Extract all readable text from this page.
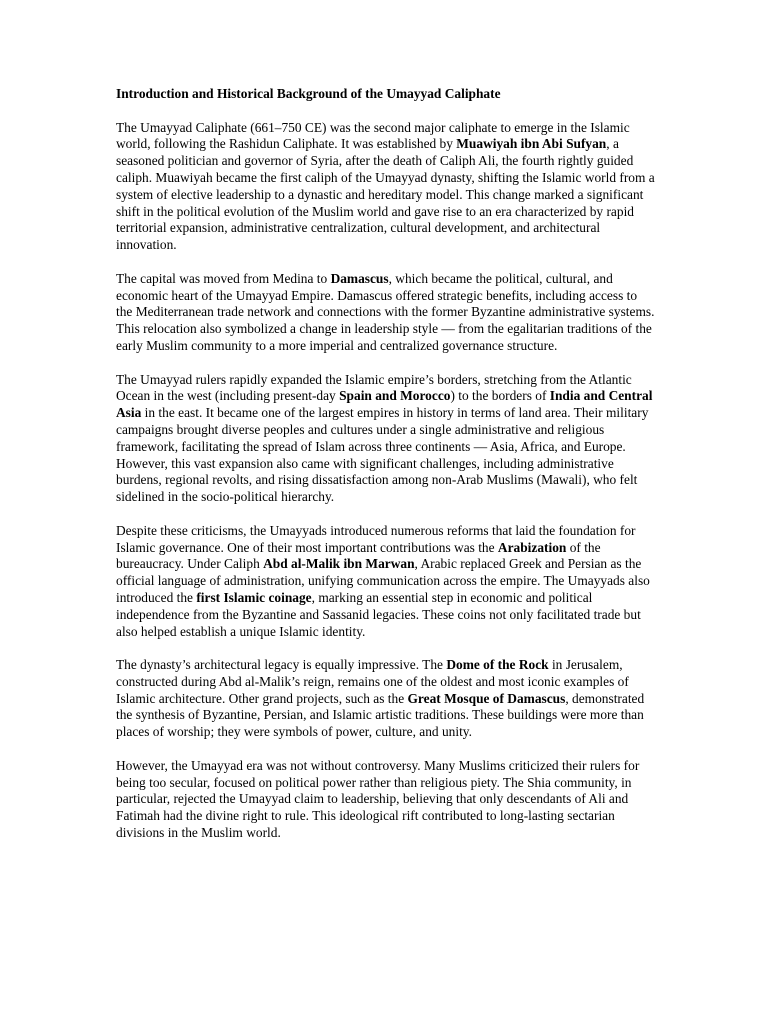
Introduction and Historical Background of the Umayyad Caliphate

The Umayyad Caliphate (661–750 CE) was the second major caliphate to emerge in the Islamic world, following the Rashidun Caliphate. It was established by Muawiyah ibn Abi Sufyan, a seasoned politician and governor of Syria, after the death of Caliph Ali, the fourth rightly guided caliph. Muawiyah became the first caliph of the Umayyad dynasty, shifting the Islamic world from a system of elective leadership to a dynastic and hereditary model. This change marked a significant shift in the political evolution of the Muslim world and gave rise to an era characterized by rapid territorial expansion, administrative centralization, cultural development, and architectural innovation.

The capital was moved from Medina to Damascus, which became the political, cultural, and economic heart of the Umayyad Empire. Damascus offered strategic benefits, including access to the Mediterranean trade network and connections with the former Byzantine administrative systems. This relocation also symbolized a change in leadership style — from the egalitarian traditions of the early Muslim community to a more imperial and centralized governance structure.

The Umayyad rulers rapidly expanded the Islamic empire’s borders, stretching from the Atlantic Ocean in the west (including present-day Spain and Morocco) to the borders of India and Central Asia in the east. It became one of the largest empires in history in terms of land area. Their military campaigns brought diverse peoples and cultures under a single administrative and religious framework, facilitating the spread of Islam across three continents — Asia, Africa, and Europe. However, this vast expansion also came with significant challenges, including administrative burdens, regional revolts, and rising dissatisfaction among non-Arab Muslims (Mawali), who felt sidelined in the socio-political hierarchy.

Despite these criticisms, the Umayyads introduced numerous reforms that laid the foundation for Islamic governance. One of their most important contributions was the Arabization of the bureaucracy. Under Caliph Abd al-Malik ibn Marwan, Arabic replaced Greek and Persian as the official language of administration, unifying communication across the empire. The Umayyads also introduced the first Islamic coinage, marking an essential step in economic and political independence from the Byzantine and Sassanid legacies. These coins not only facilitated trade but also helped establish a unique Islamic identity.

The dynasty’s architectural legacy is equally impressive. The Dome of the Rock in Jerusalem, constructed during Abd al-Malik’s reign, remains one of the oldest and most iconic examples of Islamic architecture. Other grand projects, such as the Great Mosque of Damascus, demonstrated the synthesis of Byzantine, Persian, and Islamic artistic traditions. These buildings were more than places of worship; they were symbols of power, culture, and unity.

However, the Umayyad era was not without controversy. Many Muslims criticized their rulers for being too secular, focused on political power rather than religious piety. The Shia community, in particular, rejected the Umayyad claim to leadership, believing that only descendants of Ali and Fatimah had the divine right to rule. This ideological rift contributed to long-lasting sectarian divisions in the Muslim world.
